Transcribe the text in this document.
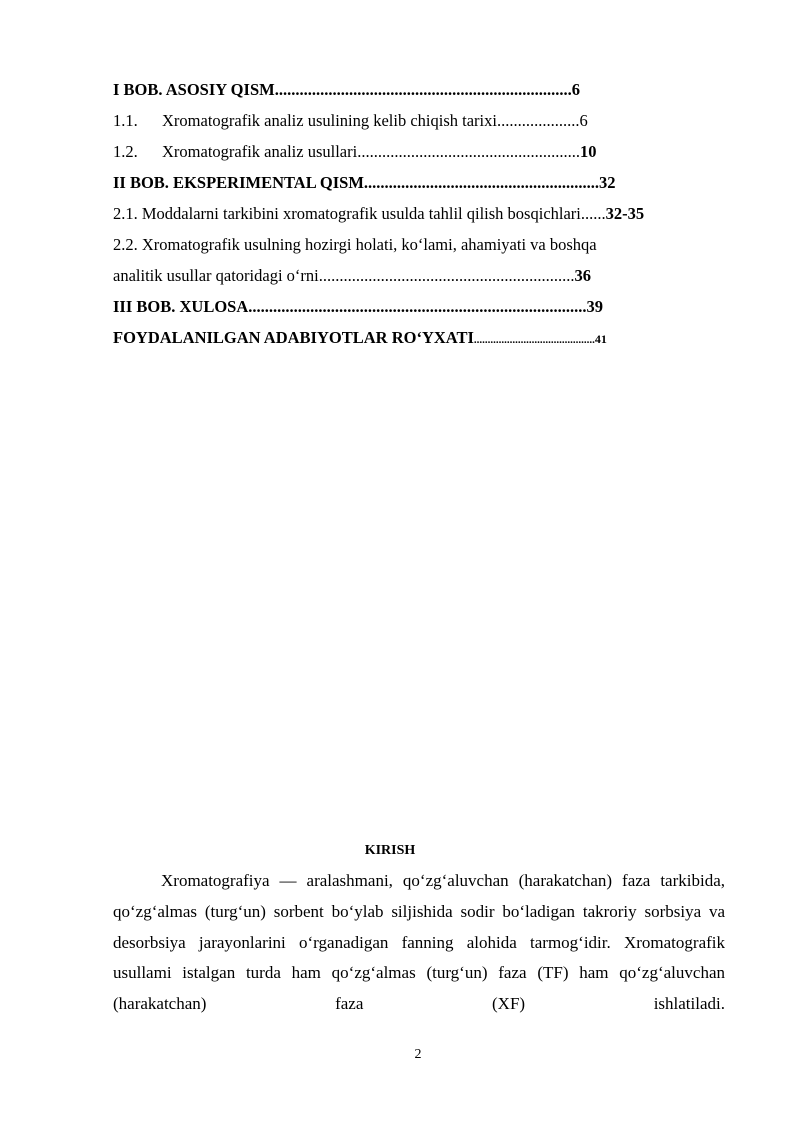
I BOB. ASOSIY QISM........................................................................6
1.1. Xromatografik analiz usulining kelib chiqish tarixi....................6
1.2. Xromatografik analiz usullari......................................................10
II BOB. EKSPERIMENTAL QISM.........................................................32
2.1. Moddalarni tarkibini xromatografik usulda tahlil qilish bosqichlari......32-35
2.2. Xromatografik usulning hozirgi holati, koʻlami, ahamiyati va boshqa
analitik usullar qatoridagi oʻrni..............................................................36
III BOB. XULOSA..................................................................................39
FOYDALANILGAN ADABIYOTLAR ROʻYXATI............................................41
KIRISH

Xromatografiya — aralashmani, qoʻzgʻaluvchan (harakatchan) faza tarkibida, qoʻzgʻalmas (turgʻun) sorbent boʻylab siljishida sodir boʻladigan takroriy sorbsiya va desorbsiya jarayonlarini oʻrganadigan fanning alohida tarmogʻidir. Xromatografik usullami istalgan turda ham qoʻzgʻalmas (turgʻun) faza (TF) ham qoʻzgʻaluvchan (harakatchan) faza (XF) ishlatiladi.

2
